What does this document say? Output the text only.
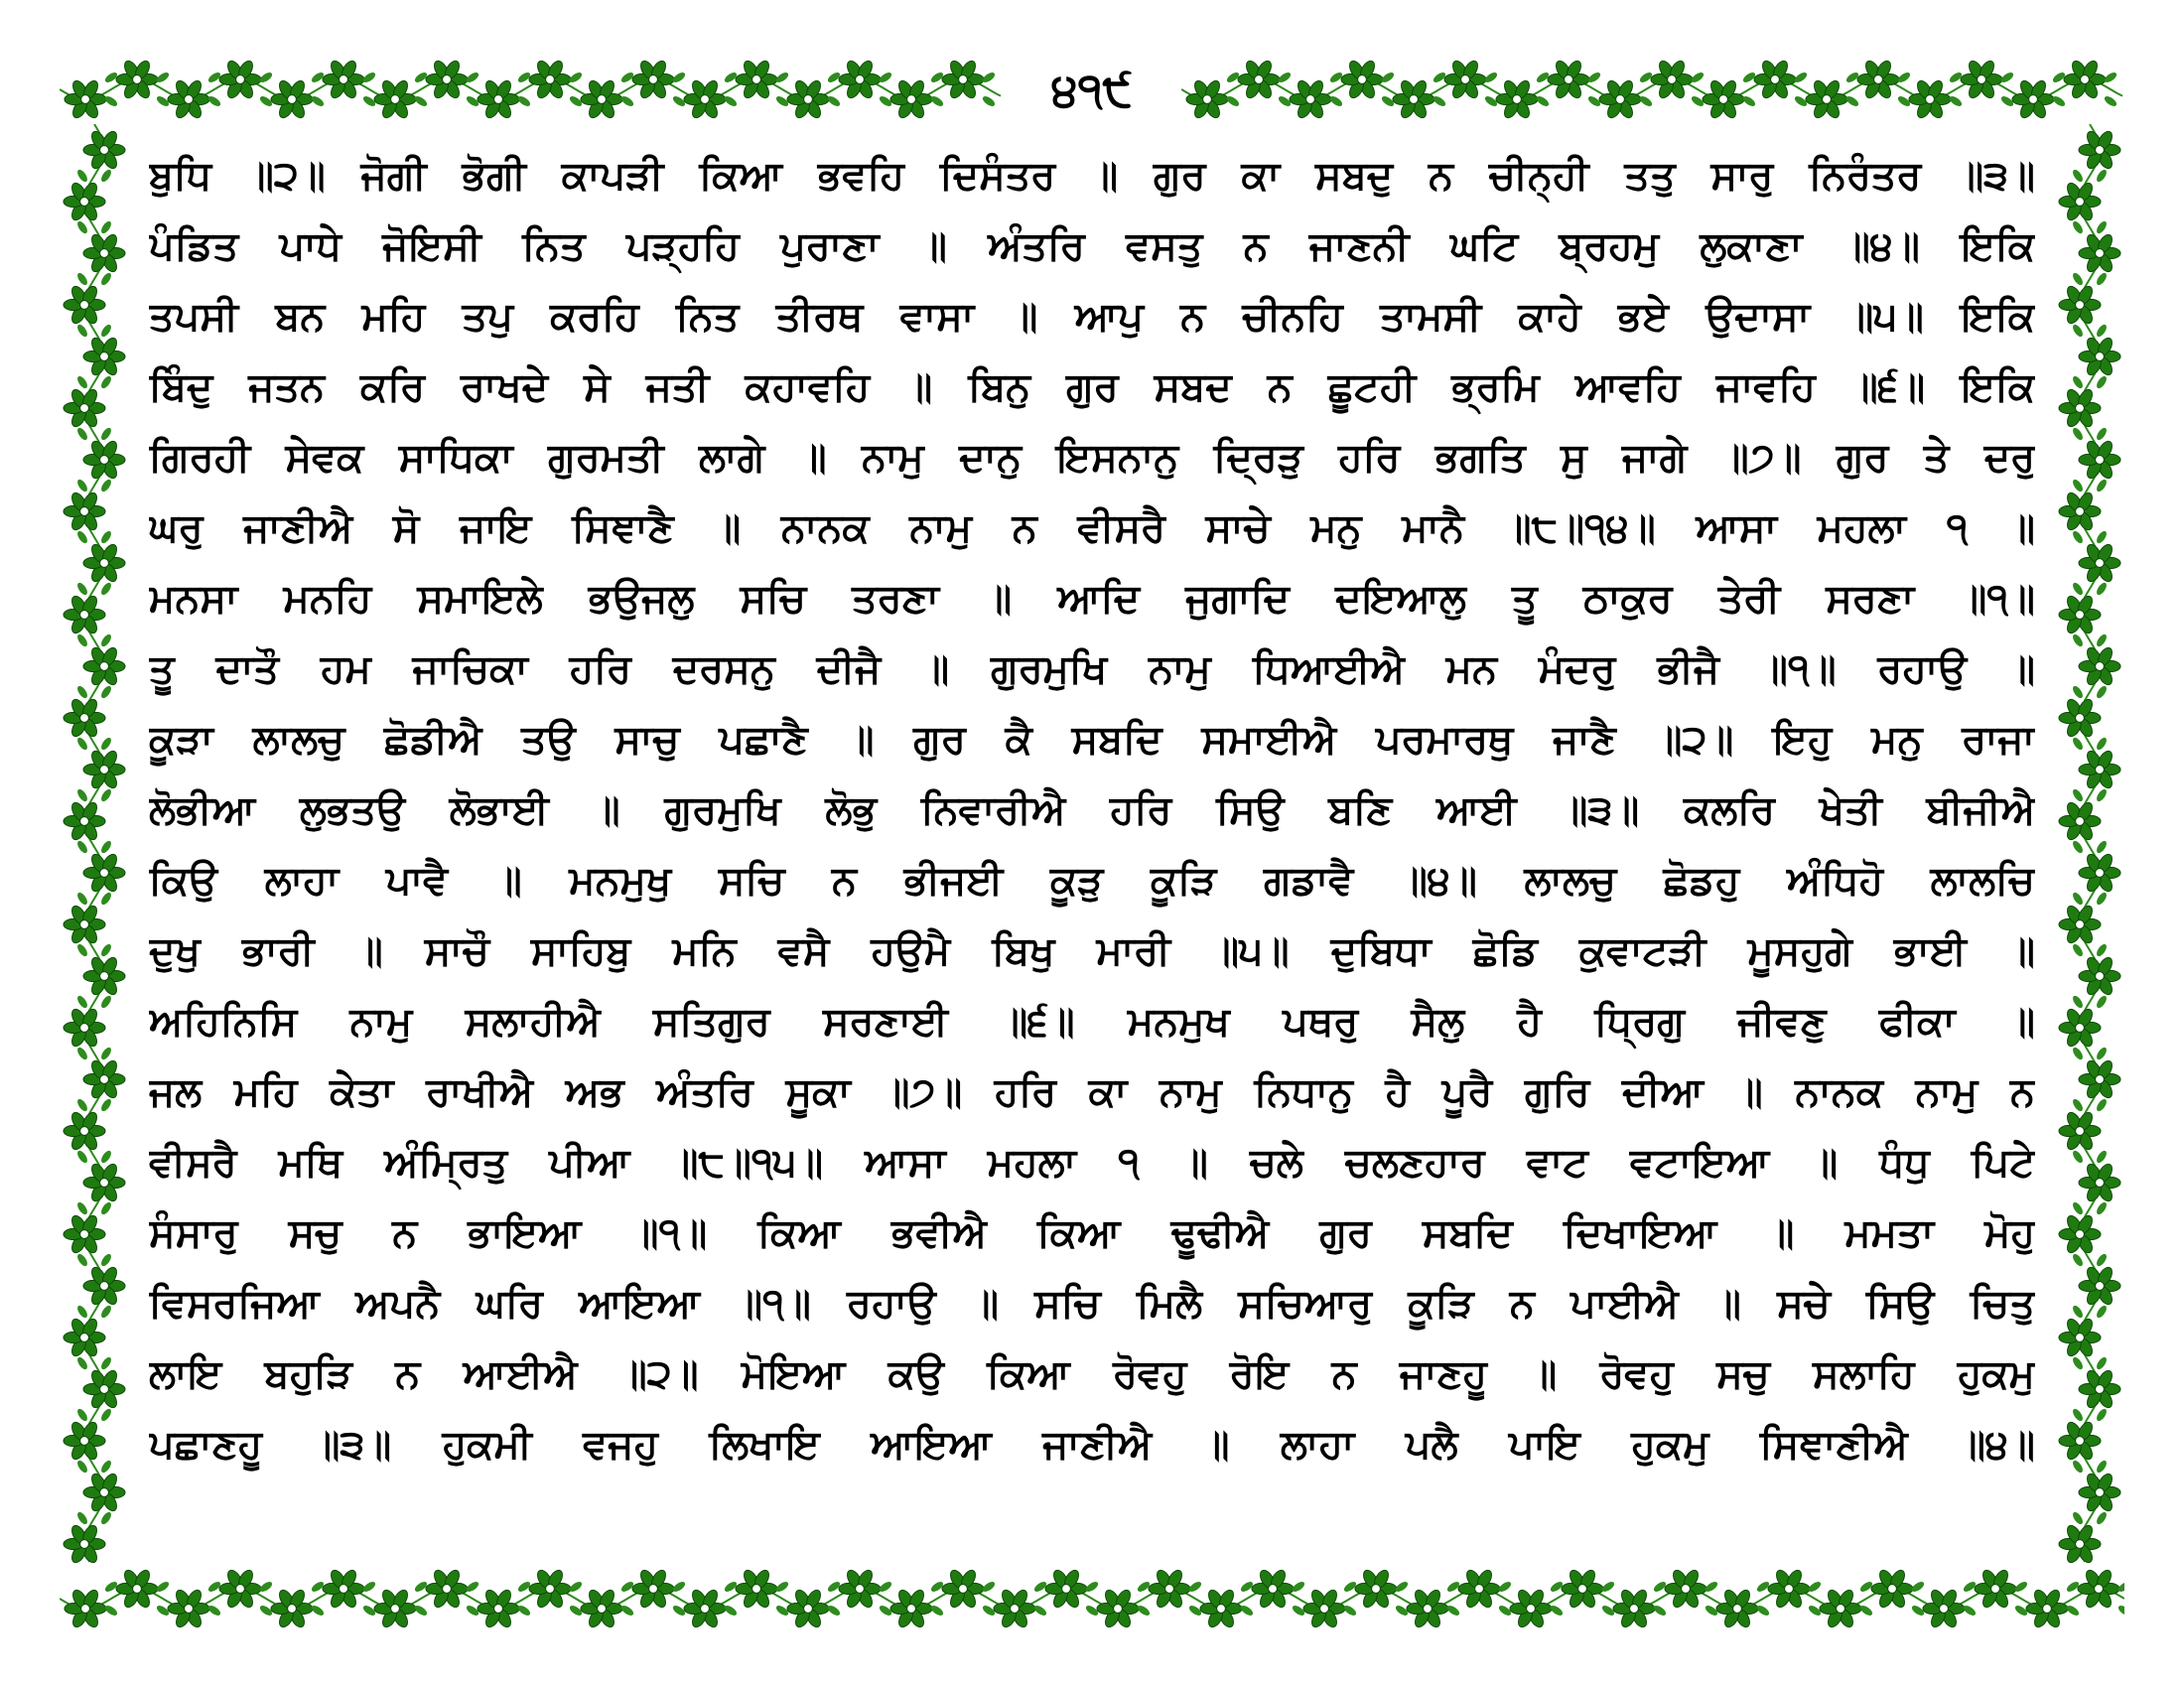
੪੧੯
ਬੁਧਿ ॥੨॥ ਜੋਗੀ ਭੋਗੀ ਕਾਪੜੀ ਕਿਆ ਭਵਹਿ ਦਿਸੰਤਰ ॥ ਗੁਰ ਕਾ ਸਬਦੁ ਨ ਚੀਨ੍ਹੀ ਤਤੁ ਸਾਰੁ ਨਿਰੰਤਰ ॥੩॥
ਪੰਡਿਤ ਪਾਧੇ ਜੋਇਸੀ ਨਿਤ ਪੜ੍ਹਹਿ ਪੁਰਾਣਾ ॥ ਅੰਤਰਿ ਵਸਤੁ ਨ ਜਾਣਨੀ ਘਟਿ ਬ੍ਰਹਮੁ ਲੁਕਾਣਾ ॥੪॥ ਇਕਿ
ਤਪਸੀ ਬਨ ਮਹਿ ਤਪੁ ਕਰਹਿ ਨਿਤ ਤੀਰਥ ਵਾਸਾ ॥ ਆਪੁ ਨ ਚੀਨਹਿ ਤਾਮਸੀ ਕਾਹੇ ਭਏ ਉਦਾਸਾ ॥੫॥ ਇਕਿ
ਬਿੰਦੁ ਜਤਨ ਕਰਿ ਰਾਖਦੇ ਸੇ ਜਤੀ ਕਹਾਵਹਿ ॥ ਬਿਨੁ ਗੁਰ ਸਬਦ ਨ ਛੂਟਹੀ ਭ੍ਰਮਿ ਆਵਹਿ ਜਾਵਹਿ ॥੬॥ ਇਕਿ
ਗਿਰਹੀ ਸੇਵਕ ਸਾਧਿਕਾ ਗੁਰਮਤੀ ਲਾਗੇ ॥ ਨਾਮੁ ਦਾਨੁ ਇਸਨਾਨੁ ਦ੍ਰਿੜੁ ਹਰਿ ਭਗਤਿ ਸੁ ਜਾਗੇ ॥੭॥ ਗੁਰ ਤੇ ਦਰੁ
ਘਰੁ ਜਾਣੀਐ ਸੋ ਜਾਇ ਸਿਞਾਣੈ ॥ ਨਾਨਕ ਨਾਮੁ ਨ ਵੀਸਰੈ ਸਾਚੇ ਮਨੁ ਮਾਨੈ ॥੮॥੧੪॥ ਆਸਾ ਮਹਲਾ ੧ ॥
ਮਨਸਾ ਮਨਹਿ ਸਮਾਇਲੇ ਭਉਜਲੁ ਸਚਿ ਤਰਣਾ ॥ ਆਦਿ ਜੁਗਾਦਿ ਦਇਆਲੁ ਤੂ ਠਾਕੁਰ ਤੇਰੀ ਸਰਣਾ ॥੧॥
ਤੂ ਦਾਤੌ ਹਮ ਜਾਚਿਕਾ ਹਰਿ ਦਰਸਨੁ ਦੀਜੈ ॥ ਗੁਰਮੁਖਿ ਨਾਮੁ ਧਿਆਈਐ ਮਨ ਮੰਦਰੁ ਭੀਜੈ ॥੧॥ ਰਹਾਉ ॥
ਕੂੜਾ ਲਾਲਚੁ ਛੋਡੀਐ ਤਉ ਸਾਚੁ ਪਛਾਣੈ ॥ ਗੁਰ ਕੈ ਸਬਦਿ ਸਮਾਈਐ ਪਰਮਾਰਥੁ ਜਾਣੈ ॥੨॥ ਇਹੁ ਮਨੁ ਰਾਜਾ
ਲੋਭੀਆ ਲੁਭਤਉ ਲੋਭਾਈ ॥ ਗੁਰਮੁਖਿ ਲੋਭੁ ਨਿਵਾਰੀਐ ਹਰਿ ਸਿਉ ਬਣਿ ਆਈ ॥੩॥ ਕਲਰਿ ਖੇਤੀ ਬੀਜੀਐ
ਕਿਉ ਲਾਹਾ ਪਾਵੈ ॥ ਮਨਮੁਖੁ ਸਚਿ ਨ ਭੀਜਈ ਕੂੜੁ ਕੂੜਿ ਗਡਾਵੈ ॥੪॥ ਲਾਲਚੁ ਛੋਡਹੁ ਅੰਧਿਹੋ ਲਾਲਚਿ
ਦੁਖੁ ਭਾਰੀ ॥ ਸਾਚੌ ਸਾਹਿਬੁ ਮਨਿ ਵਸੈ ਹਉਮੈ ਬਿਖੁ ਮਾਰੀ ॥੫॥ ਦੁਬਿਧਾ ਛੋਡਿ ਕੁਵਾਟੜੀ ਮੂਸਹੁਗੇ ਭਾਈ ॥
ਅਹਿਨਿਸਿ ਨਾਮੁ ਸਲਾਹੀਐ ਸਤਿਗੁਰ ਸਰਣਾਈ ॥੬॥ ਮਨਮੁਖ ਪਥਰੁ ਸੈਲੁ ਹੈ ਧ੍ਰਿਗੁ ਜੀਵਣੁ ਫੀਕਾ ॥
ਜਲ ਮਹਿ ਕੇਤਾ ਰਾਖੀਐ ਅਭ ਅੰਤਰਿ ਸੂਕਾ ॥੭॥ ਹਰਿ ਕਾ ਨਾਮੁ ਨਿਧਾਨੁ ਹੈ ਪੂਰੈ ਗੁਰਿ ਦੀਆ ॥ ਨਾਨਕ ਨਾਮੁ ਨ
ਵੀਸਰੈ ਮਥਿ ਅੰਮ੍ਰਿਤੁ ਪੀਆ ॥੮॥੧੫॥ ਆਸਾ ਮਹਲਾ ੧ ॥ ਚਲੇ ਚਲਣਹਾਰ ਵਾਟ ਵਟਾਇਆ ॥ ਧੰਧੁ ਪਿਟੇ
ਸੰਸਾਰੁ ਸਚੁ ਨ ਭਾਇਆ ॥੧॥ ਕਿਆ ਭਵੀਐ ਕਿਆ ਢੂਢੀਐ ਗੁਰ ਸਬਦਿ ਦਿਖਾਇਆ ॥ ਮਮਤਾ ਮੋਹੁ
ਵਿਸਰਜਿਆ ਅਪਨੈ ਘਰਿ ਆਇਆ ॥੧॥ ਰਹਾਉ ॥ ਸਚਿ ਮਿਲੈ ਸਚਿਆਰੁ ਕੂੜਿ ਨ ਪਾਈਐ ॥ ਸਚੇ ਸਿਉ ਚਿਤੁ
ਲਾਇ ਬਹੁੜਿ ਨ ਆਈਐ ॥੨॥ ਮੋਇਆ ਕਉ ਕਿਆ ਰੋਵਹੁ ਰੋਇ ਨ ਜਾਣਹੂ ॥ ਰੋਵਹੁ ਸਚੁ ਸਲਾਹਿ ਹੁਕਮੁ
ਪਛਾਣਹੂ ॥੩॥ ਹੁਕਮੀ ਵਜਹੁ ਲਿਖਾਇ ਆਇਆ ਜਾਣੀਐ ॥ ਲਾਹਾ ਪਲੈ ਪਾਇ ਹੁਕਮੁ ਸਿਞਾਣੀਐ ॥੪॥
